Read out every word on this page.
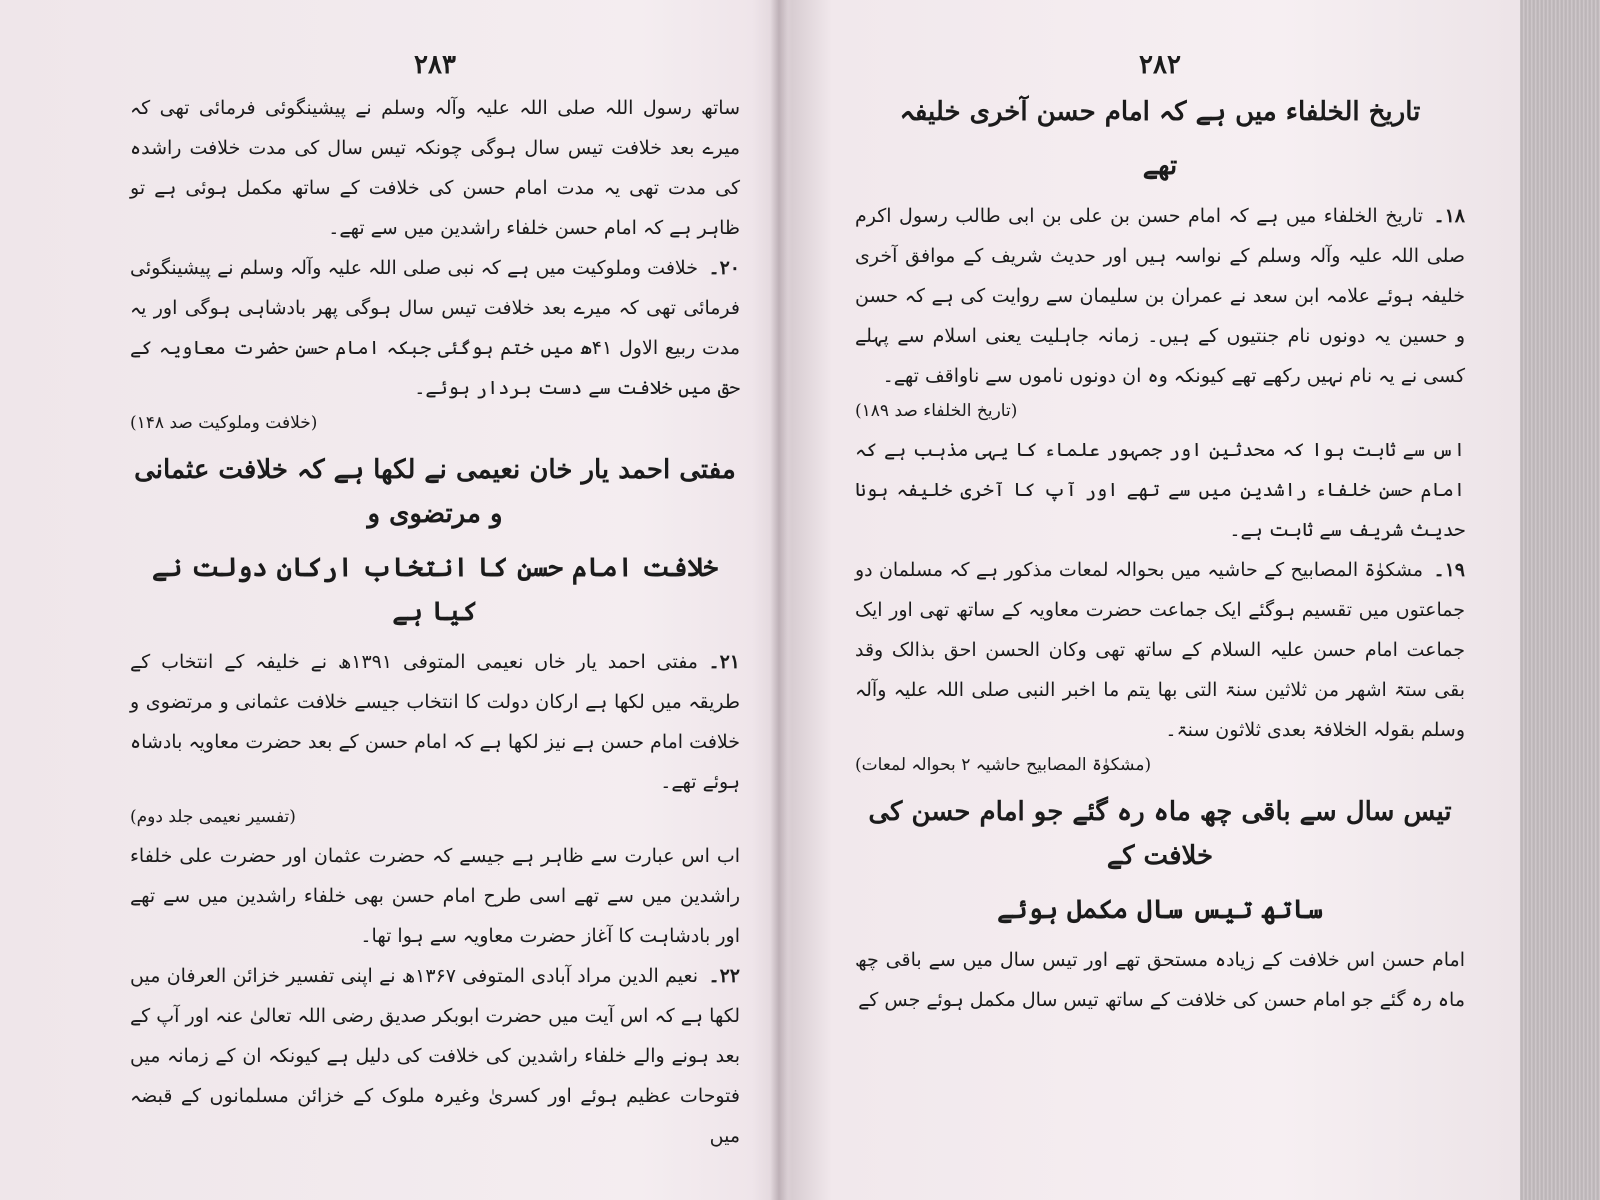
۲۸۳

ساتھ رسول اللہ صلی اللہ علیہ وآلہ وسلم نے پیشینگوئی فرمائی تھی کہ میرے بعد خلافت تیس سال ہوگی چونکہ تیس سال کی مدت خلافت راشدہ کی مدت تھی یہ مدت امام حسن کی خلافت کے ساتھ مکمل ہوئی ہے تو ظاہر ہے کہ امام حسن خلفاء راشدین میں سے تھے۔

۲۰۔خلافت وملوکیت میں ہے کہ نبی صلی اللہ علیہ وآلہ وسلم نے پیشینگوئی فرمائی تھی کہ میرے بعد خلافت تیس سال ہوگی پھر بادشاہی ہوگی اور یہ مدت ربیع الاول ۴۱ھ میں ختم ہوگئی جبکہ امام حسن حضرت معاویہ کے حق میں خلافت سے دست بردار ہوئے۔

(خلافت وملوکیت صد ۱۴۸)

مفتی احمد یار خان نعیمی نے لکھا ہے کہ خلافت عثمانی و مرتضوی و
خلافت امام حسن کا انتخاب ارکان دولت نے کیا ہے

۲۱۔مفتی احمد یار خاں نعیمی المتوفی ۱۳۹۱ھ نے خلیفہ کے انتخاب کے طریقہ میں لکھا ہے ارکان دولت کا انتخاب جیسے خلافت عثمانی و مرتضوی و خلافت امام حسن ہے نیز لکھا ہے کہ امام حسن کے بعد حضرت معاویہ بادشاہ ہوئے تھے۔

(تفسیر نعیمی جلد دوم)

اب اس عبارت سے ظاہر ہے جیسے کہ حضرت عثمان اور حضرت علی خلفاء راشدین میں سے تھے اسی طرح امام حسن بھی خلفاء راشدین میں سے تھے اور بادشاہت کا آغاز حضرت معاویہ سے ہوا تھا۔

۲۲۔نعیم الدین مراد آبادی المتوفی ۱۳۶۷ھ نے اپنی تفسیر خزائن العرفان میں لکھا ہے کہ اس آیت میں حضرت ابوبکر صدیق رضی اللہ تعالیٰ عنہ اور آپ کے بعد ہونے والے خلفاء راشدین کی خلافت کی دلیل ہے کیونکہ ان کے زمانہ میں فتوحات عظیم ہوئے اور کسریٰ وغیرہ ملوک کے خزائن مسلمانوں کے قبضہ میں

۲۸۲
تاریخ الخلفاء میں ہے کہ امام حسن آخری خلیفہ
تھے

۱۸۔تاریخ الخلفاء میں ہے کہ امام حسن بن علی بن ابی طالب رسول اکرم صلی اللہ علیہ وآلہ وسلم کے نواسہ ہیں اور حدیث شریف کے موافق آخری خلیفہ ہوئے علامہ ابن سعد نے عمران بن سلیمان سے روایت کی ہے کہ حسن و حسین یہ دونوں نام جنتیوں کے ہیں۔ زمانہ جاہلیت یعنی اسلام سے پہلے کسی نے یہ نام نہیں رکھے تھے کیونکہ وہ ان دونوں ناموں سے ناواقف تھے۔

(تاریخ الخلفاء صد ۱۸۹)

اس سے ثابت ہوا کہ محدثین اور جمہور علماء کا یہی مذہب ہے کہ امام حسن خلفاء راشدین میں سے تھے اور آپ کا آخری خلیفہ ہونا حدیث شریف سے ثابت ہے۔

۱۹۔مشکوٰۃ المصابیح کے حاشیہ میں بحوالہ لمعات مذکور ہے کہ مسلمان دو جماعتوں میں تقسیم ہوگئے ایک جماعت حضرت معاویہ کے ساتھ تھی اور ایک جماعت امام حسن علیہ السلام کے ساتھ تھی وکان الحسن احق بذالک وقد بقی ستۃ اشھر من ثلاثین سنۃ التی بھا یتم ما اخبر النبی صلی اللہ علیہ وآلہ وسلم بقولہ الخلافۃ بعدی ثلاثون سنۃ۔

(مشکوٰۃ المصابیح حاشیہ ۲ بحوالہ لمعات)

تیس سال سے باقی چھ ماہ رہ گئے جو امام حسن کی خلافت کے
ساتھ تیس سال مکمل ہوئے

امام حسن اس خلافت کے زیادہ مستحق تھے اور تیس سال میں سے باقی چھ ماہ رہ گئے جو امام حسن کی خلافت کے ساتھ تیس سال مکمل ہوئے جس کے
